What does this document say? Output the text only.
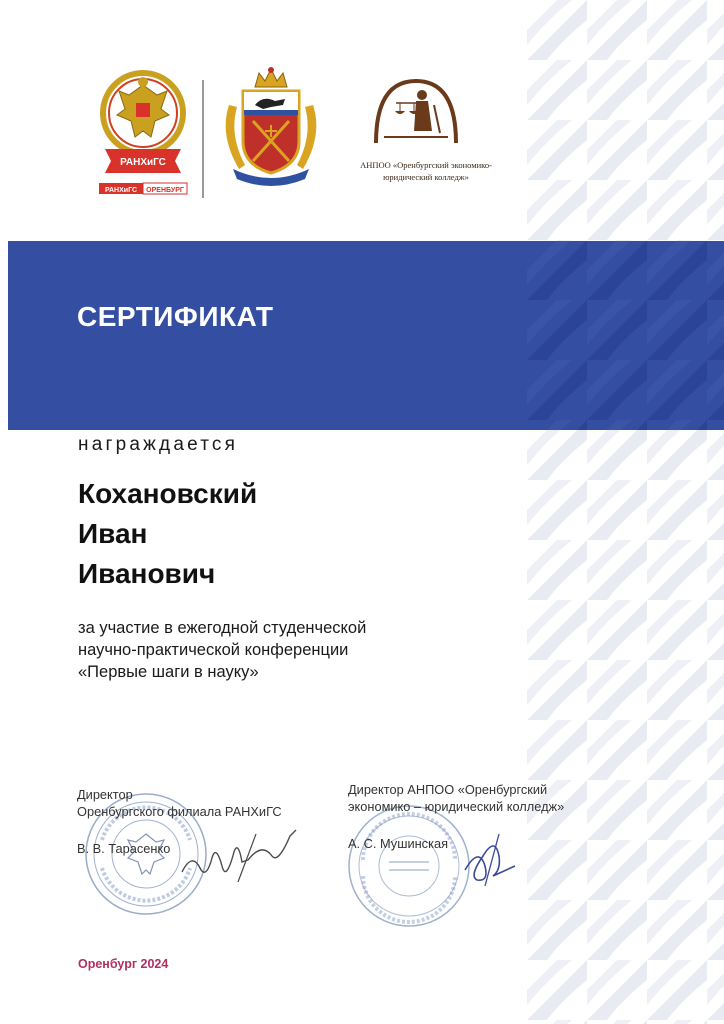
РАНХиГС
РАНХиГС ОРЕНБУРГ
АНПОО «Оренбургский экономико-
юридический колледж»
СЕРТИФИКАТ
награждается
Кохановский
Иван
Иванович
за участие в ежегодной студенческой
научно-практической конференции
«Первые шаги в науку»
Директор
Оренбургского филиала РАНХиГС
В. В. Тарасенко
Директор АНПОО «Оренбургский
экономико – юридический колледж»
А. С. Мушинская
Оренбург 2024
